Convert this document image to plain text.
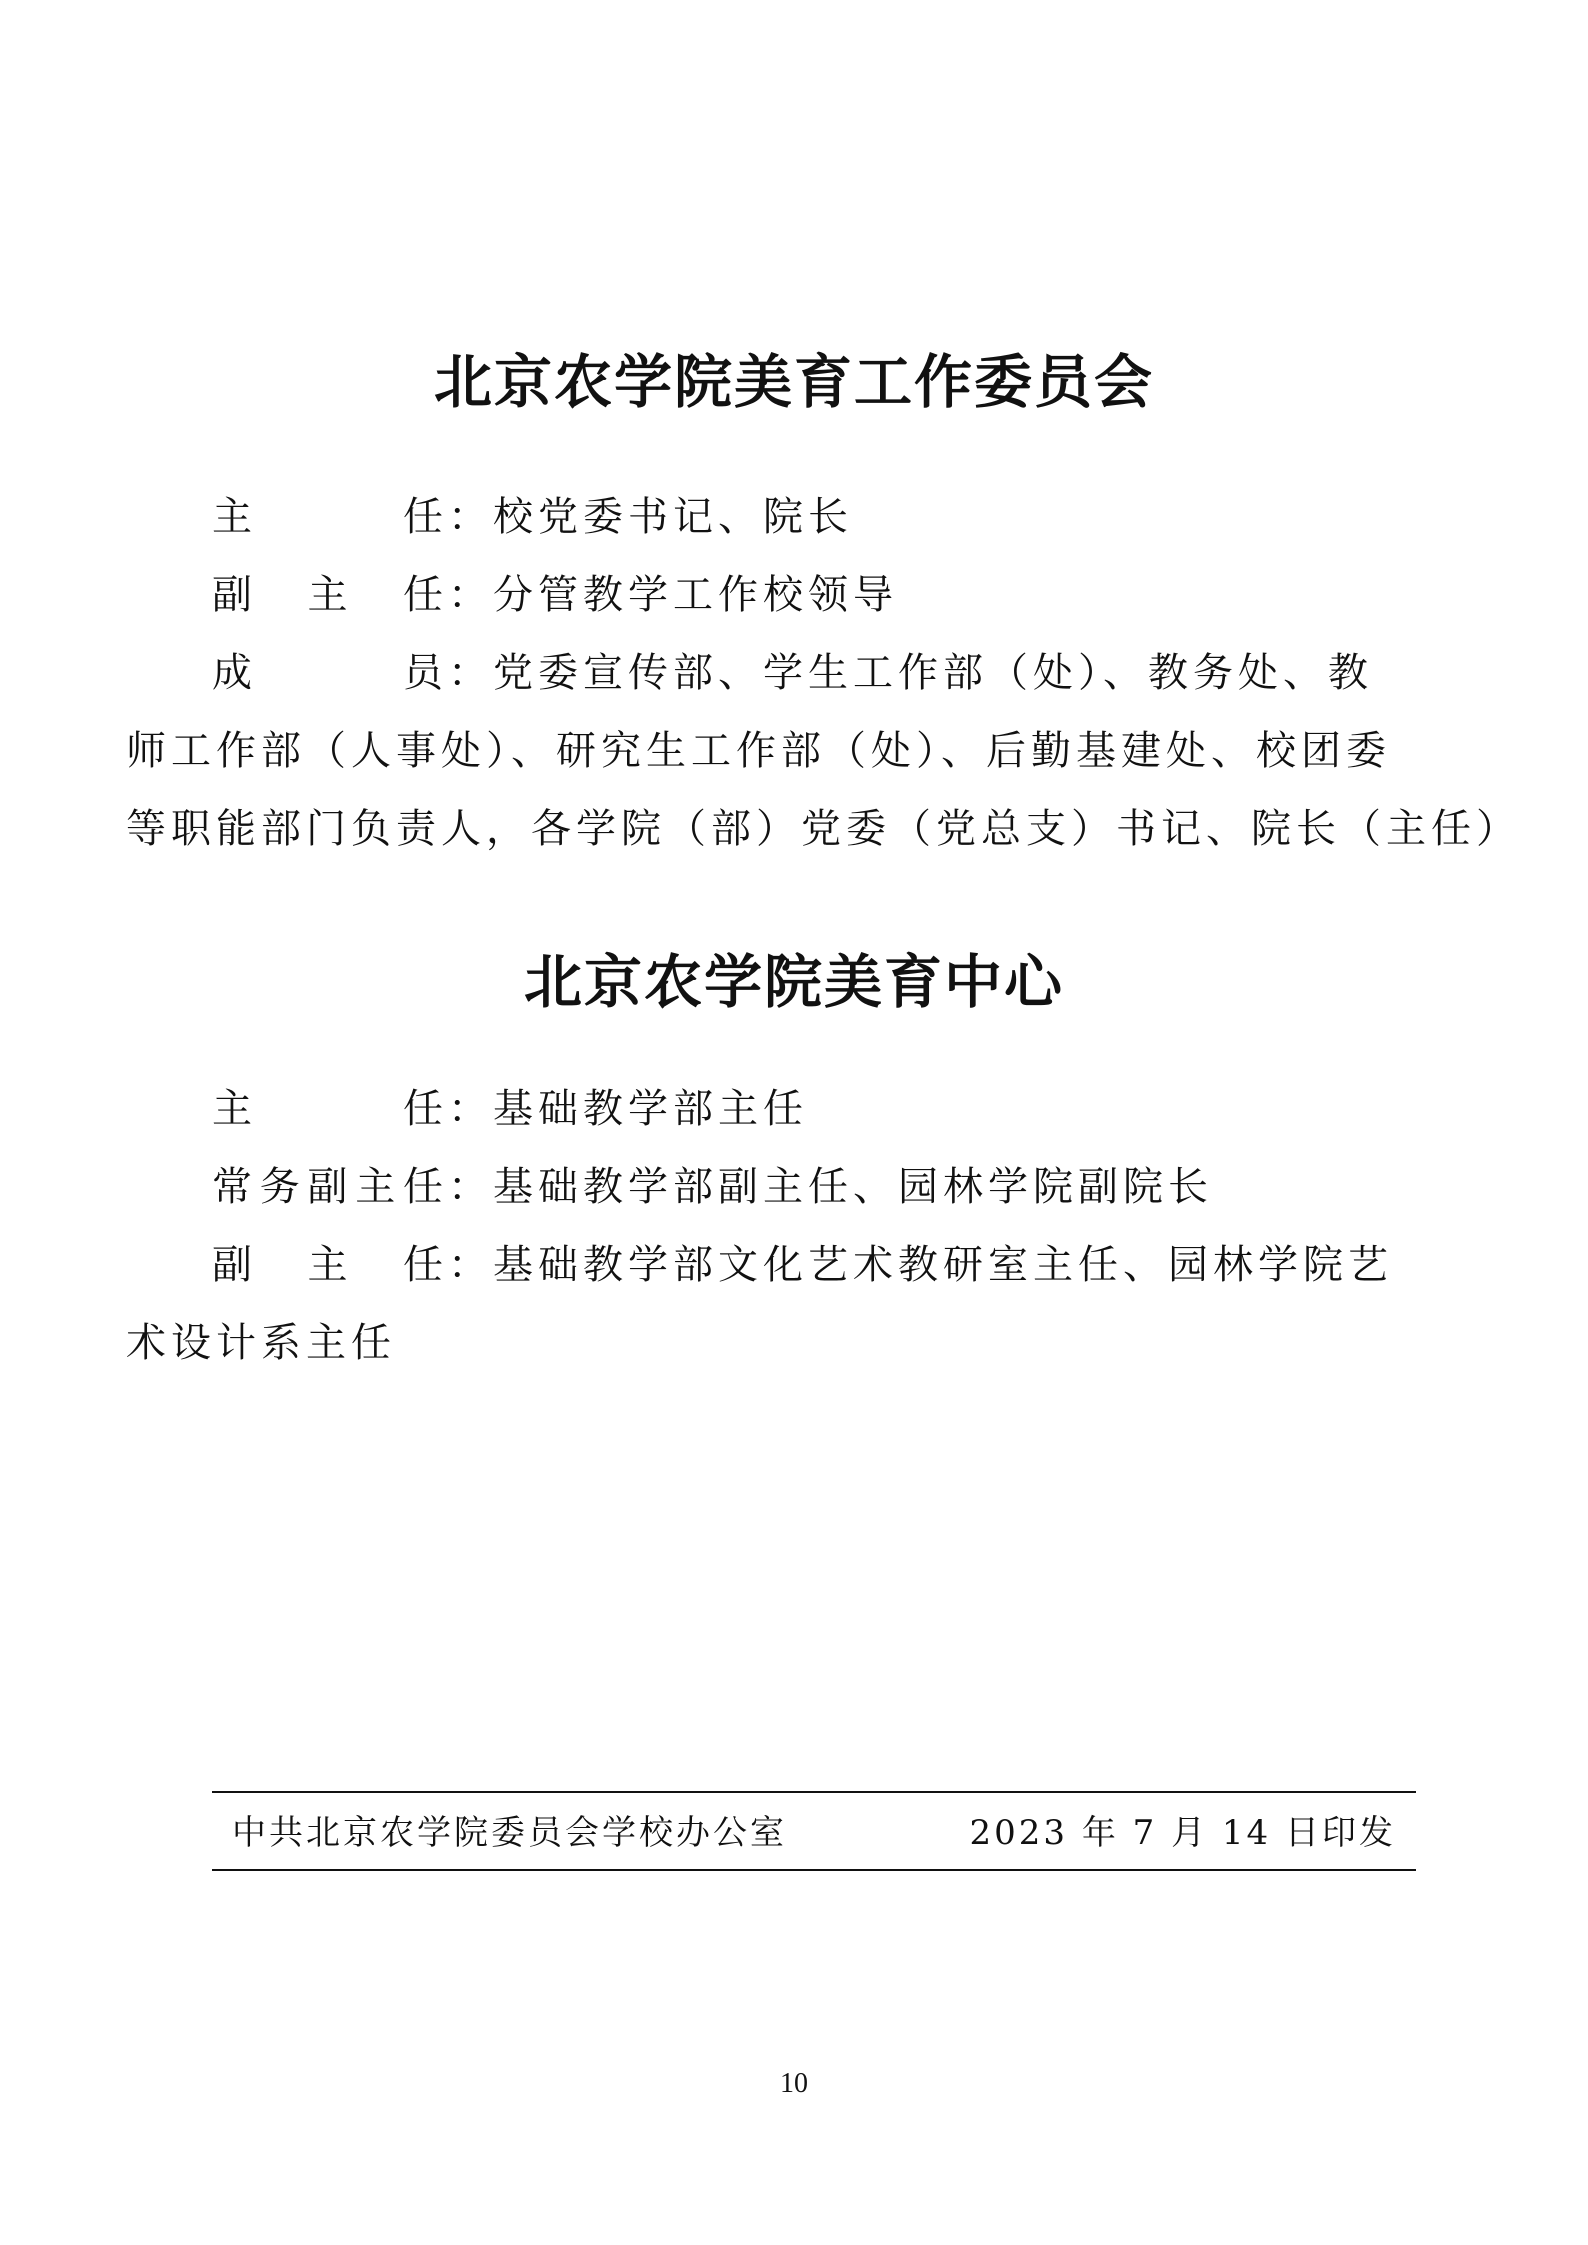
北京农学院美育工作委员会
主        任：校党委书记、院长
副  主  任：分管教学工作校领导
成        员：党委宣传部、学生工作部（处）、教务处、教
师工作部（人事处）、研究生工作部（处）、后勤基建处、校团委
等职能部门负责人，各学院（部）党委（党总支）书记、院长（主任）
北京农学院美育中心
主        任：基础教学部主任
常务副主任：基础教学部副主任、园林学院副院长
副  主  任：基础教学部文化艺术教研室主任、园林学院艺
术设计系主任
中共北京农学院委员会学校办公室	2023 年 7 月 14 日印发
10
